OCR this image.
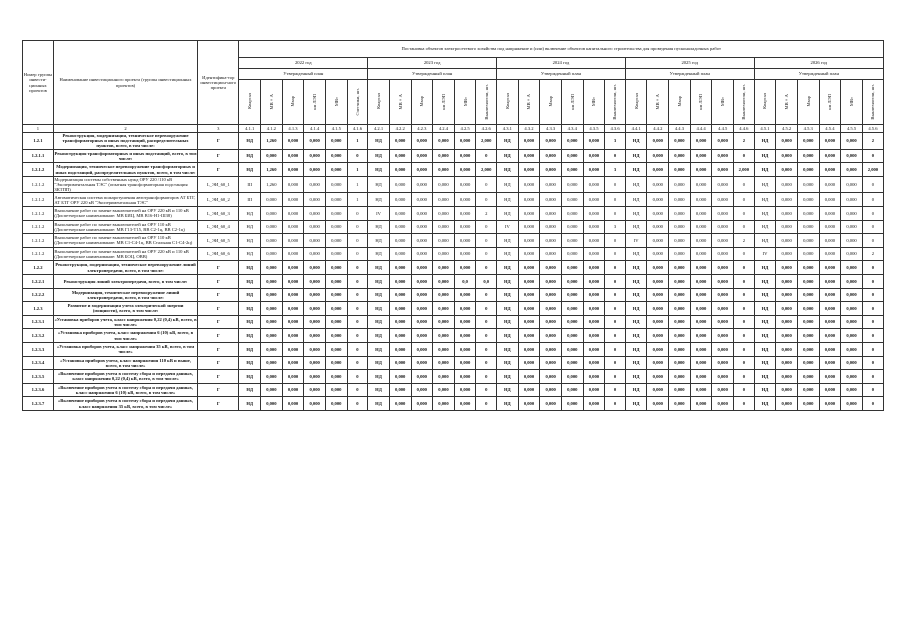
Номер группы инвести-ционных проектов	Наименование инвестиционного проекта (группы инвестиционных проектов)	Идентифика-тор инвестицион-ного проекта	Постановка объектов электросетевого хозяйства под напряжение и (или) включение объектов капитального строительства для проведения пусконаладочных работ																													
			2022 год						2023 год						2024 год						2025 год						2026 год					
			Утвержденный план						Утвержденный план						Утвержденный план						Утвержденный план						Утвержденный план					
			Квартал	МВ×А	Мвар	км ЛЭП	МВт	Счетчики, шт.	Квартал	МВ×А	Мвар	км ЛЭП	МВт	Выключатели, шт.	Квартал	МВ×А	Мвар	км ЛЭП	МВт	Выключатели, шт.	Квартал	МВ×А	Мвар	км ЛЭП	МВт	Выключатели, шт.	Квартал	МВ×А	Мвар	км ЛЭП	МВт	Выключатели, шт.
1	2	3	4.1.1	4.1.2	4.1.3	4.1.4	4.1.5	4.1.6	4.2.1	4.2.2	4.2.3	4.2.4	4.2.5	4.2.6	4.3.1	4.3.2	4.3.3	4.3.4	4.3.5	4.3.6	4.4.1	4.4.2	4.4.3	4.4.4	4.4.5	4.4.6	4.5.1	4.5.2	4.5.3	4.5.4	4.5.5	4.5.6
1.2.1	Реконструкция, модернизация, техническое перевооружение трансформаторных и иных подстанций, распределительных пунктов, всего, в том числе:	Г	НД	1,260	0,000	0,000	0,000	1	НД	0,000	0,000	0,000	0,000	2,000	НД	0,000	0,000	0,000	0,000	3	НД	0,000	0,000	0,000	0,000	2	НД	0,000	0,000	0,000	0,000	2
1.2.1.1	Реконструкция трансформаторных и иных подстанций, всего, в том числе:	Г	НД	0,000	0,000	0,000	0,000	0	НД	0,000	0,000	0,000	0,000	0	НД	0,000	0,000	0,000	0,000	0	НД	0,000	0,000	0,000	0,000	0	НД	0,000	0,000	0,000	0,000	0
1.2.1.2	Модернизация, техническое перевооружение трансформаторных и иных подстанций, распределительных пунктов, всего, в том числе:	Г	НД	1,260	0,000	0,000	0,000	1	НД	0,000	0,000	0,000	0,000	2,000	НД	0,000	0,000	0,000	0,000	3	НД	0,000	0,000	0,000	0,000	2,000	НД	0,000	0,000	0,000	0,000	2,000
1.2.1.2	Модернизация системы собственных нужд ОРУ 220 /110 кВ "Экспериментальная ТЭС" (опытная трансформаторная подстанция ЗКТПП)	L_ЭИ_60_1	III	1,260	0,000	0,000	0,000	1	НД	0,000	0,000	0,000	0,000	0	НД	0,000	0,000	0,000	0,000	0	НД	0,000	0,000	0,000	0,000	0	НД	0,000	0,000	0,000	0,000	0
1.2.1.2	Автоматическая система пожаротушения автотрансформаторов АТ БТГ, АТ БТГ ОРУ 220 кВ "Экспериментальная ТЭС"	L_ЭИ_60_2	III	0,000	0,000	0,000	0,000	1	НД	0,000	0,000	0,000	0,000	0	НД	0,000	0,000	0,000	0,000	0	НД	0,000	0,000	0,000	0,000	0	НД	0,000	0,000	0,000	0,000	0
1.2.1.2	Выполнение работ по замене выключателей на ОРУ 220 кВ и 110 кВ (Диспетчерское наименование: МВ БИЦ, МВ В16-Н1-Ш38)	L_ЭИ_60_3	НД	0,000	0,000	0,000	0,000	0	IV	0,000	0,000	0,000	0,000	2	НД	0,000	0,000	0,000	0,000	0	НД	0,000	0,000	0,000	0,000	0	НД	0,000	0,000	0,000	0,000	0
1.2.1.2	Выполнение работ по замене выключателей на ОРУ 110 кВ (Диспетчерское наименование: МВ Г13-Т15, ВВ С2-1ц, ВВ С2-1ц)	L_ЭИ_60_4	НД	0,000	0,000	0,000	0,000	0	НД	0,000	0,000	0,000	0,000	0	IV	0,000	0,000	0,000	0,000	3	НД	0,000	0,000	0,000	0,000	0	НД	0,000	0,000	0,000	0,000	0
1.2.1.2	Выполнение работ по замене выключателей на ОРУ 110 кВ (Диспетчерское наименование: МВ С1-С4-1ц, ВВ Стальная С1-С4-2ц)	L_ЭИ_60_5	НД	0,000	0,000	0,000	0,000	0	НД	0,000	0,000	0,000	0,000	0	НД	0,000	0,000	0,000	0,000	0	IV	0,000	0,000	0,000	0,000	2	НД	0,000	0,000	0,000	0,000	0
1.2.1.2	Выполнение работ по замене выключателей на ОРУ 220 кВ и 110 кВ (Диспетчерское наименование: МВ БОЦ, ОВВ)	L_ЭИ_60_6	НД	0,000	0,000	0,000	0,000	0	НД	0,000	0,000	0,000	0,000	0	НД	0,000	0,000	0,000	0,000	0	НД	0,000	0,000	0,000	0,000	0	IV	0,000	0,000	0,000	0,000	2
1.2.2	Реконструкция, модернизация, техническое перевооружение линий электропередачи, всего, в том числе:	Г	НД	0,000	0,000	0,000	0,000	0	НД	0,000	0,000	0,000	0,000	0	НД	0,000	0,000	0,000	0,000	0	НД	0,000	0,000	0,000	0,000	0	НД	0,000	0,000	0,000	0,000	0
1.2.2.1	Реконструкция линий электропередачи, всего, в том числе:	Г	НД	0,000	0,000	0,000	0,000	0	НД	0,000	0,000	0,000	0,0	0,0	НД	0,000	0,000	0,000	0,000	0	НД	0,000	0,000	0,000	0,000	0	НД	0,000	0,000	0,000	0,000	0
1.2.2.2	Модернизация, техническое перевооружение линий электропередачи, всего, в том числе:	Г	НД	0,000	0,000	0,000	0,000	0	НД	0,000	0,000	0,000	0,000	0	НД	0,000	0,000	0,000	0,000	0	НД	0,000	0,000	0,000	0,000	0	НД	0,000	0,000	0,000	0,000	0
1.2.3	Развитие и модернизация учета электрической энергии (мощности), всего, в том числе:	Г	НД	0,000	0,000	0,000	0,000	0	НД	0,000	0,000	0,000	0,000	0	НД	0,000	0,000	0,000	0,000	0	НД	0,000	0,000	0,000	0,000	0	НД	0,000	0,000	0,000	0,000	0
1.2.3.1	«Установка приборов учета, класс напряжения 0,22 (0,4) кВ, всего, в том числе»	Г	НД	0,000	0,000	0,000	0,000	0	НД	0,000	0,000	0,000	0,000	0	НД	0,000	0,000	0,000	0,000	0	НД	0,000	0,000	0,000	0,000	0	НД	0,000	0,000	0,000	0,000	0
1.2.3.2	«Установка приборов учета, класс напряжения 6 (10) кВ, всего, в том числе»	Г	НД	0,000	0,000	0,000	0,000	0	НД	0,000	0,000	0,000	0,000	0	НД	0,000	0,000	0,000	0,000	0	НД	0,000	0,000	0,000	0,000	0	НД	0,000	0,000	0,000	0,000	0
1.2.3.3	«Установка приборов учета, класс напряжения 35 кВ, всего, в том числе»	Г	НД	0,000	0,000	0,000	0,000	0	НД	0,000	0,000	0,000	0,000	0	НД	0,000	0,000	0,000	0,000	0	НД	0,000	0,000	0,000	0,000	0	НД	0,000	0,000	0,000	0,000	0
1.2.3.4	«Установка приборов учета, класс напряжения 110 кВ и выше, всего, в том числе»	Г	НД	0,000	0,000	0,000	0,000	0	НД	0,000	0,000	0,000	0,000	0	НД	0,000	0,000	0,000	0,000	0	НД	0,000	0,000	0,000	0,000	0	НД	0,000	0,000	0,000	0,000	0
1.2.3.5	«Включение приборов учета в систему сбора и передачи данных, класс напряжения 0,22 (0,4) кВ, всего, в том числе»	Г	НД	0,000	0,000	0,000	0,000	0	НД	0,000	0,000	0,000	0,000	0	НД	0,000	0,000	0,000	0,000	0	НД	0,000	0,000	0,000	0,000	0	НД	0,000	0,000	0,000	0,000	0
1.2.3.6	«Включение приборов учета в систему сбора и передачи данных, класс напряжения 6 (10) кВ, всего, в том числе»	Г	НД	0,000	0,000	0,000	0,000	0	НД	0,000	0,000	0,000	0,000	0	НД	0,000	0,000	0,000	0,000	0	НД	0,000	0,000	0,000	0,000	0	НД	0,000	0,000	0,000	0,000	0
1.2.3.7	«Включение приборов учета в систему сбора и передачи данных, класс напряжения 35 кВ, всего, в том числе»	Г	НД	0,000	0,000	0,000	0,000	0	НД	0,000	0,000	0,000	0,000	0	НД	0,000	0,000	0,000	0,000	0	НД	0,000	0,000	0,000	0,000	0	НД	0,000	0,000	0,000	0,000	0
